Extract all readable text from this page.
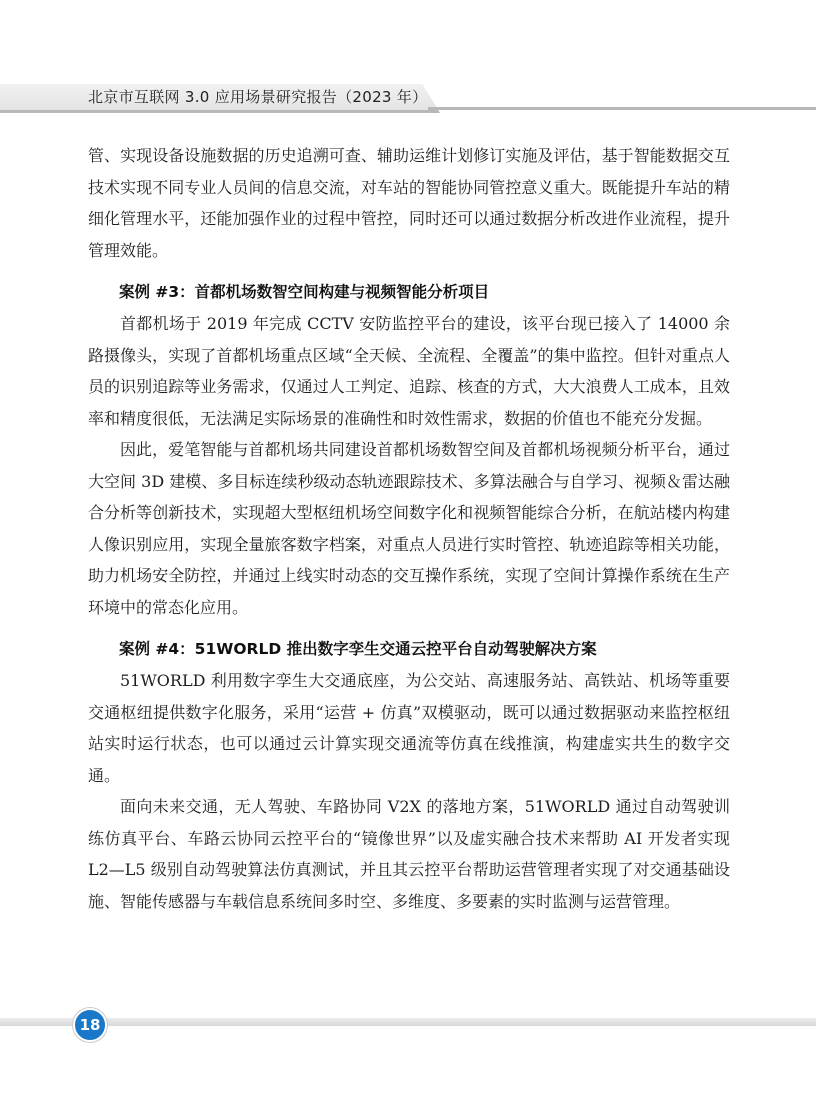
北京市互联网 3.0 应用场景研究报告（2023 年）

管、实现设备设施数据的历史追溯可查、辅助运维计划修订实施及评估，基于智能数据交互技术实现不同专业人员间的信息交流，对车站的智能协同管控意义重大。既能提升车站的精细化管理水平，还能加强作业的过程中管控，同时还可以通过数据分析改进作业流程，提升管理效能。

案例 #3：首都机场数智空间构建与视频智能分析项目

首都机场于 2019 年完成 CCTV 安防监控平台的建设，该平台现已接入了 14000 余路摄像头，实现了首都机场重点区域“全天候、全流程、全覆盖”的集中监控。但针对重点人员的识别追踪等业务需求，仅通过人工判定、追踪、核查的方式，大大浪费人工成本，且效率和精度很低，无法满足实际场景的准确性和时效性需求，数据的价值也不能充分发掘。

因此，爱笔智能与首都机场共同建设首都机场数智空间及首都机场视频分析平台，通过大空间 3D 建模、多目标连续秒级动态轨迹跟踪技术、多算法融合与自学习、视频＆雷达融合分析等创新技术，实现超大型枢纽机场空间数字化和视频智能综合分析，在航站楼内构建人像识别应用，实现全量旅客数字档案，对重点人员进行实时管控、轨迹追踪等相关功能，助力机场安全防控，并通过上线实时动态的交互操作系统，实现了空间计算操作系统在生产环境中的常态化应用。

案例 #4：51WORLD 推出数字孪生交通云控平台自动驾驶解决方案

51WORLD 利用数字孪生大交通底座，为公交站、高速服务站、高铁站、机场等重要交通枢纽提供数字化服务，采用“运营 + 仿真”双模驱动，既可以通过数据驱动来监控枢纽站实时运行状态，也可以通过云计算实现交通流等仿真在线推演，构建虚实共生的数字交通。

面向未来交通，无人驾驶、车路协同 V2X 的落地方案，51WORLD 通过自动驾驶训练仿真平台、车路云协同云控平台的“镜像世界”以及虚实融合技术来帮助 AI 开发者实现 L2—L5 级别自动驾驶算法仿真测试，并且其云控平台帮助运营管理者实现了对交通基础设施、智能传感器与车载信息系统间多时空、多维度、多要素的实时监测与运营管理。

18
